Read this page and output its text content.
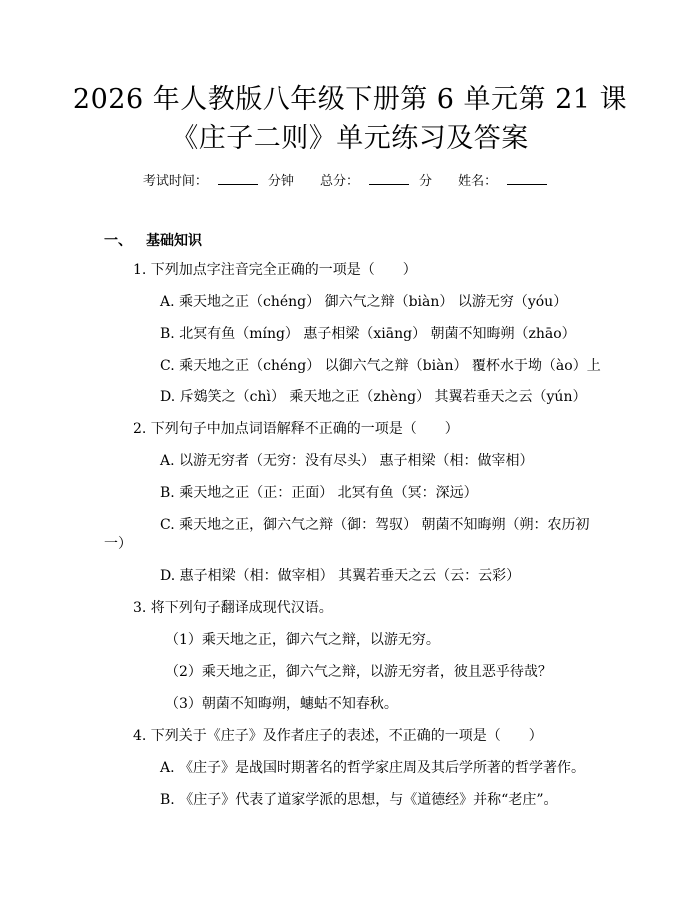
2026 年人教版八年级下册第 6 单元第 21 课
《庄子二则》单元练习及答案
考试时间：	分钟 总分：	分 姓名：
一、 基础知识
1. 下列加点字注音完全正确的一项是（　　）
A. 乘天地之正（chéng） 御六气之辩（biàn） 以游无穷（yóu）
B. 北冥有鱼（míng） 惠子相梁（xiāng） 朝菌不知晦朔（zhāo）
C. 乘天地之正（chéng） 以御六气之辩（biàn） 覆杯水于坳（ào）上
D. 斥鴳笑之（chì） 乘天地之正（zhèng） 其翼若垂天之云（yún）
2. 下列句子中加点词语解释不正确的一项是（　　）
A. 以游无穷者（无穷：没有尽头） 惠子相梁（相：做宰相）
B. 乘天地之正（正：正面） 北冥有鱼（冥：深远）
C. 乘天地之正，御六气之辩（御：驾驭） 朝菌不知晦朔（朔：农历初
一）
D. 惠子相梁（相：做宰相） 其翼若垂天之云（云：云彩）
3. 将下列句子翻译成现代汉语。
（1）乘天地之正，御六气之辩，以游无穷。
（2）乘天地之正，御六气之辩，以游无穷者，彼且恶乎待哉？
（3）朝菌不知晦朔，蟪蛄不知春秋。
4. 下列关于《庄子》及作者庄子的表述，不正确的一项是（　　）
A. 《庄子》是战国时期著名的哲学家庄周及其后学所著的哲学著作。
B. 《庄子》代表了道家学派的思想，与《道德经》并称“老庄”。
